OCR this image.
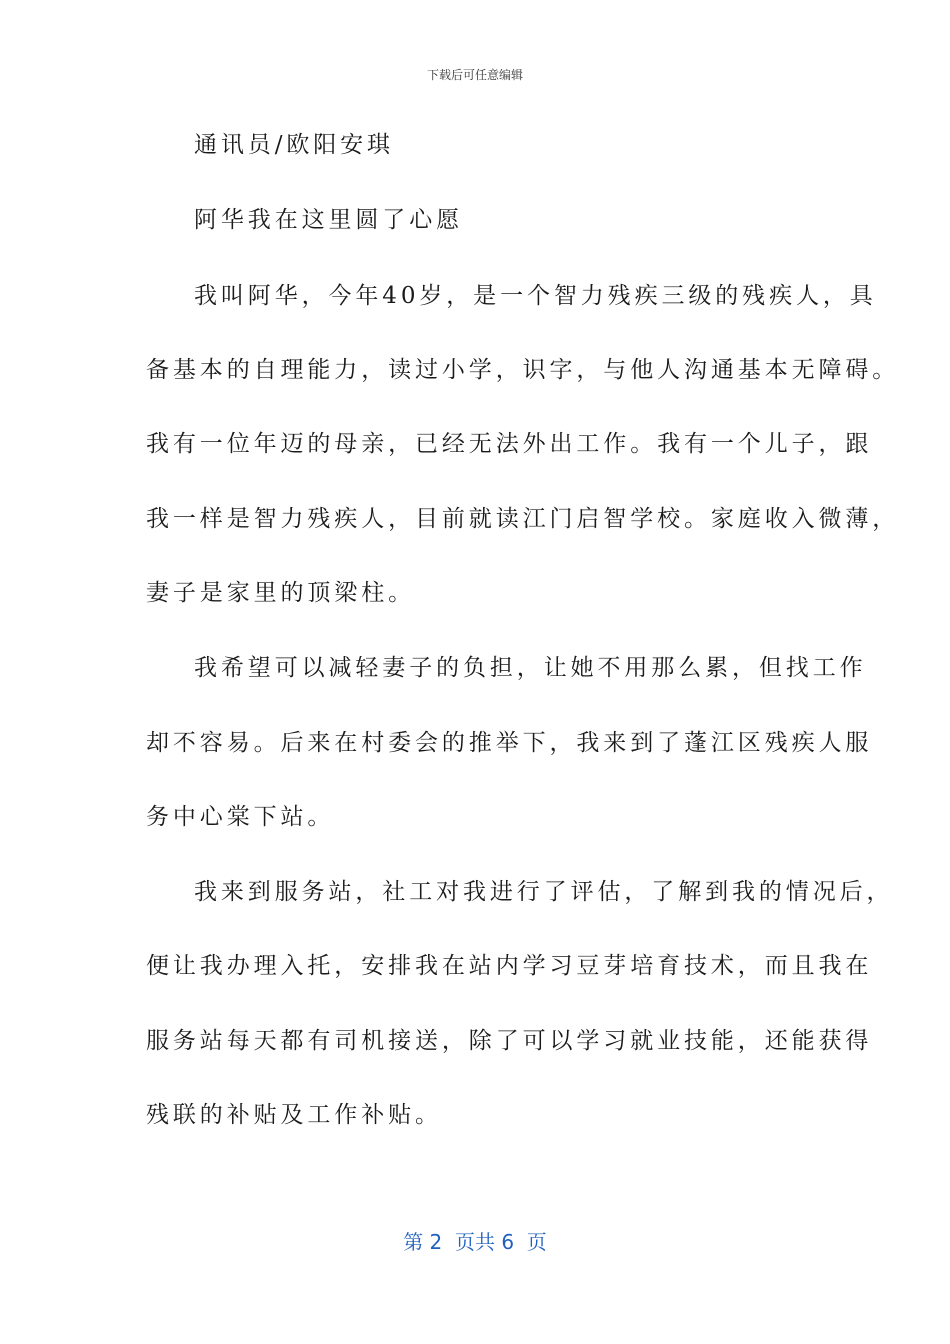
下载后可任意编辑
通讯员/欧阳安琪
阿华我在这里圆了心愿
我叫阿华，今年40岁，是一个智力残疾三级的残疾人，具
备基本的自理能力，读过小学，识字，与他人沟通基本无障碍。
我有一位年迈的母亲，已经无法外出工作。我有一个儿子，跟
我一样是智力残疾人，目前就读江门启智学校。家庭收入微薄，
妻子是家里的顶梁柱。
我希望可以减轻妻子的负担，让她不用那么累，但找工作
却不容易。后来在村委会的推举下，我来到了蓬江区残疾人服
务中心棠下站。
我来到服务站，社工对我进行了评估，了解到我的情况后，
便让我办理入托，安排我在站内学习豆芽培育技术，而且我在
服务站每天都有司机接送，除了可以学习就业技能，还能获得
残联的补贴及工作补贴。
第 2  页共 6  页
